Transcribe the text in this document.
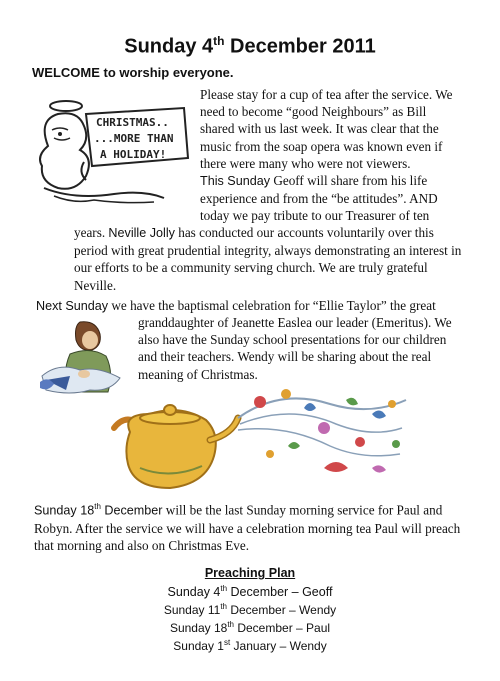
Sunday 4th December 2011
WELCOME to worship everyone.
CHRISTMAS..
...MORE THAN
A HOLIDAY!
Please stay for a cup of tea after the service. We
need to become “good Neighbours” as Bill
shared with us last week. It was clear that the
music from the soap opera was known even if
there were many who were not viewers.
This Sunday Geoff will share from his life
experience and from the “be attitudes”. AND
today we pay tribute to our Treasurer of ten
years. Neville Jolly has conducted our accounts voluntarily over this
period with great prudential integrity, always demonstrating an interest in
our efforts to be a community serving church. We are truly grateful
Neville.
Next Sunday we have the baptismal celebration for “Ellie Taylor” the great
granddaughter of Jeanette Easlea our leader (Emeritus). We
also have the Sunday school presentations for our children
and their teachers. Wendy will be sharing about the real
meaning of Christmas.
Sunday 18th December will be the last Sunday morning service for Paul and
Robyn. After the service we will have a celebration morning tea Paul will preach
that morning and also on Christmas Eve.
Preaching Plan
Sunday 4th December – Geoff
Sunday 11th December – Wendy
Sunday 18th December – Paul
Sunday 1st January – Wendy
